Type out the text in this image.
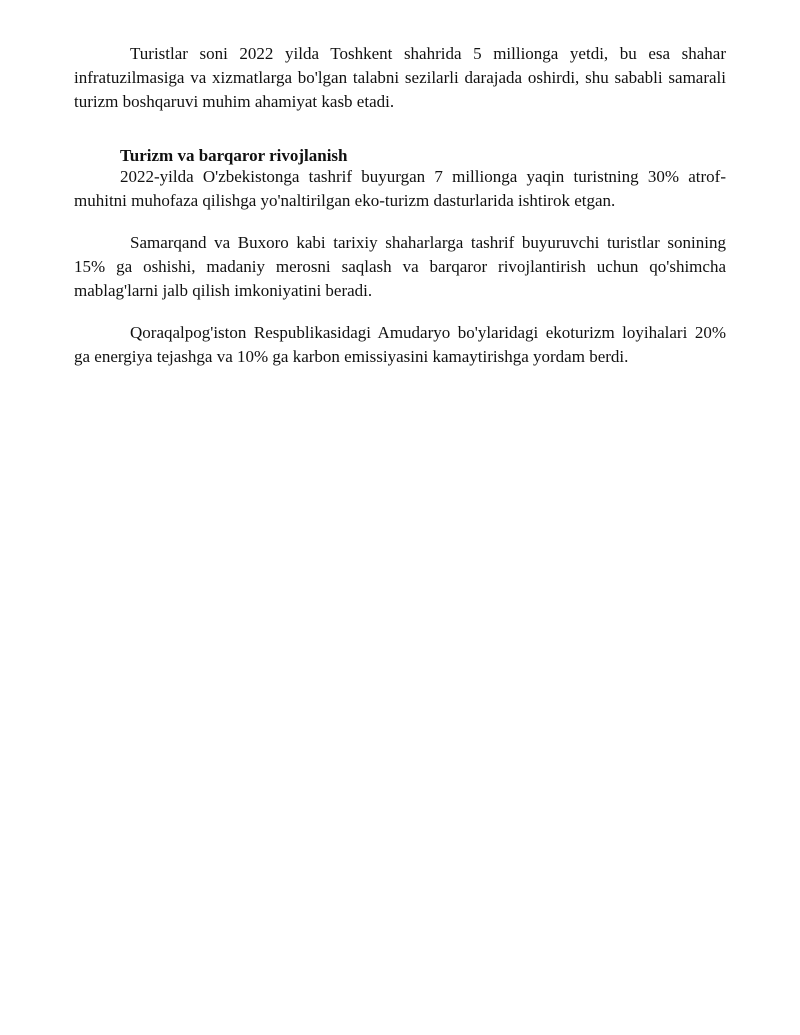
Turistlar soni 2022 yilda Toshkent shahrida 5 millionga yetdi, bu esa shahar infratuzilmasiga va xizmatlarga bo'lgan talabni sezilarli darajada oshirdi, shu sababli samarali turizm boshqaruvi muhim ahamiyat kasb etadi.

Turizm va barqaror rivojlanish

2022-yilda O'zbekistonga tashrif buyurgan 7 millionga yaqin turistning 30% atrof-muhitni muhofaza qilishga yo'naltirilgan eko-turizm dasturlarida ishtirok etgan.

Samarqand va Buxoro kabi tarixiy shaharlarga tashrif buyuruvchi turistlar sonining 15% ga oshishi, madaniy merosni saqlash va barqaror rivojlantirish uchun qo'shimcha mablag'larni jalb qilish imkoniyatini beradi.

Qoraqalpog'iston Respublikasidagi Amudaryo bo'ylaridagi ekoturizm loyihalari 20% ga energiya tejashga va 10% ga karbon emissiyasini kamaytirishga yordam berdi.
